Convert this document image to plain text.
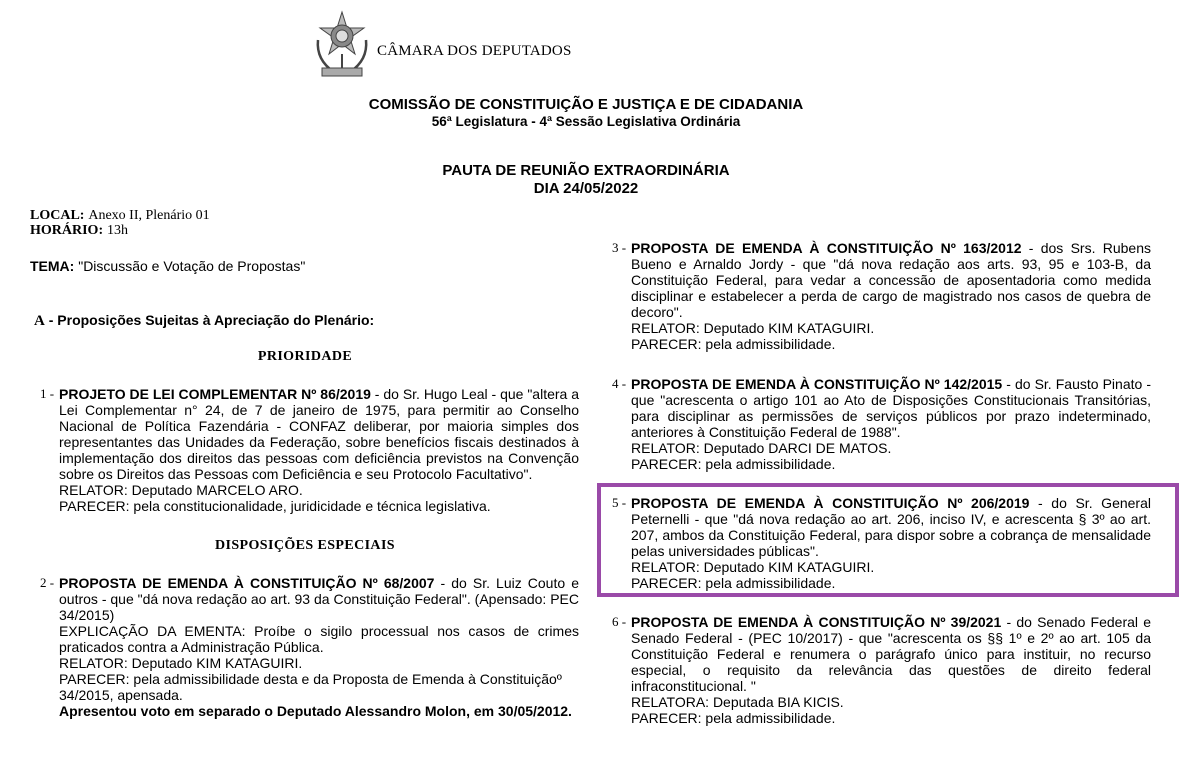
CÂMARA DOS DEPUTADOS
COMISSÃO DE CONSTITUIÇÃO E JUSTIÇA E DE CIDADANIA
56ª Legislatura - 4ª Sessão Legislativa Ordinária
PAUTA DE REUNIÃO EXTRAORDINÁRIA
DIA 24/05/2022
LOCAL: Anexo II, Plenário 01
HORÁRIO: 13h
TEMA: "Discussão e Votação de Propostas"
A - Proposições Sujeitas à Apreciação do Plenário:
PRIORIDADE
DISPOSIÇÕES ESPECIAIS
1 - PROJETO DE LEI COMPLEMENTAR Nº 86/2019 - do Sr. Hugo Leal - que "altera a Lei Complementar n° 24, de 7 de janeiro de 1975, para permitir ao Conselho Nacional de Política Fazendária - CONFAZ deliberar, por maioria simples dos representantes das Unidades da Federação, sobre benefícios fiscais destinados à implementação dos direitos das pessoas com deficiência previstos na Convenção sobre os Direitos das Pessoas com Deficiência e seu Protocolo Facultativo".

RELATOR: Deputado MARCELO ARO.

PARECER: pela constitucionalidade, juridicidade e técnica legislativa.

2 - PROPOSTA DE EMENDA À CONSTITUIÇÃO Nº 68/2007 - do Sr. Luiz Couto e outros - que "dá nova redação ao art. 93 da Constituição Federal". (Apensado: PEC 34/2015)

EXPLICAÇÃO DA EMENTA: Proíbe o sigilo processual nos casos de crimes praticados contra a Administração Pública.

RELATOR: Deputado KIM KATAGUIRI.

PARECER: pela admissibilidade desta e da Proposta de Emenda à Constituiçãoº 34/2015, apensada.

Apresentou voto em separado o Deputado Alessandro Molon, em 30/05/2012.

3 - PROPOSTA DE EMENDA À CONSTITUIÇÃO Nº 163/2012 - dos Srs. Rubens Bueno e Arnaldo Jordy - que "dá nova redação aos arts. 93, 95 e 103-B, da Constituição Federal, para vedar a concessão de aposentadoria como medida disciplinar e estabelecer a perda de cargo de magistrado nos casos de quebra de decoro".

RELATOR: Deputado KIM KATAGUIRI.

PARECER: pela admissibilidade.

4 - PROPOSTA DE EMENDA À CONSTITUIÇÃO Nº 142/2015 - do Sr. Fausto Pinato - que "acrescenta o artigo 101 ao Ato de Disposições Constitucionais Transitórias, para disciplinar as permissões de serviços públicos por prazo indeterminado, anteriores à Constituição Federal de 1988".

RELATOR: Deputado DARCI DE MATOS.

PARECER: pela admissibilidade.

5 - PROPOSTA DE EMENDA À CONSTITUIÇÃO Nº 206/2019 - do Sr. General Peternelli - que "dá nova redação ao art. 206, inciso IV, e acrescenta § 3º ao art. 207, ambos da Constituição Federal, para dispor sobre a cobrança de mensalidade pelas universidades públicas".

RELATOR: Deputado KIM KATAGUIRI.

PARECER: pela admissibilidade.

6 - PROPOSTA DE EMENDA À CONSTITUIÇÃO Nº 39/2021 - do Senado Federal e Senado Federal - (PEC 10/2017) - que "acrescenta os §§ 1º e 2º ao art. 105 da Constituição Federal e renumera o parágrafo único para instituir, no recurso especial, o requisito da relevância das questões de direito federal infraconstitucional. "

RELATORA: Deputada BIA KICIS.

PARECER: pela admissibilidade.
